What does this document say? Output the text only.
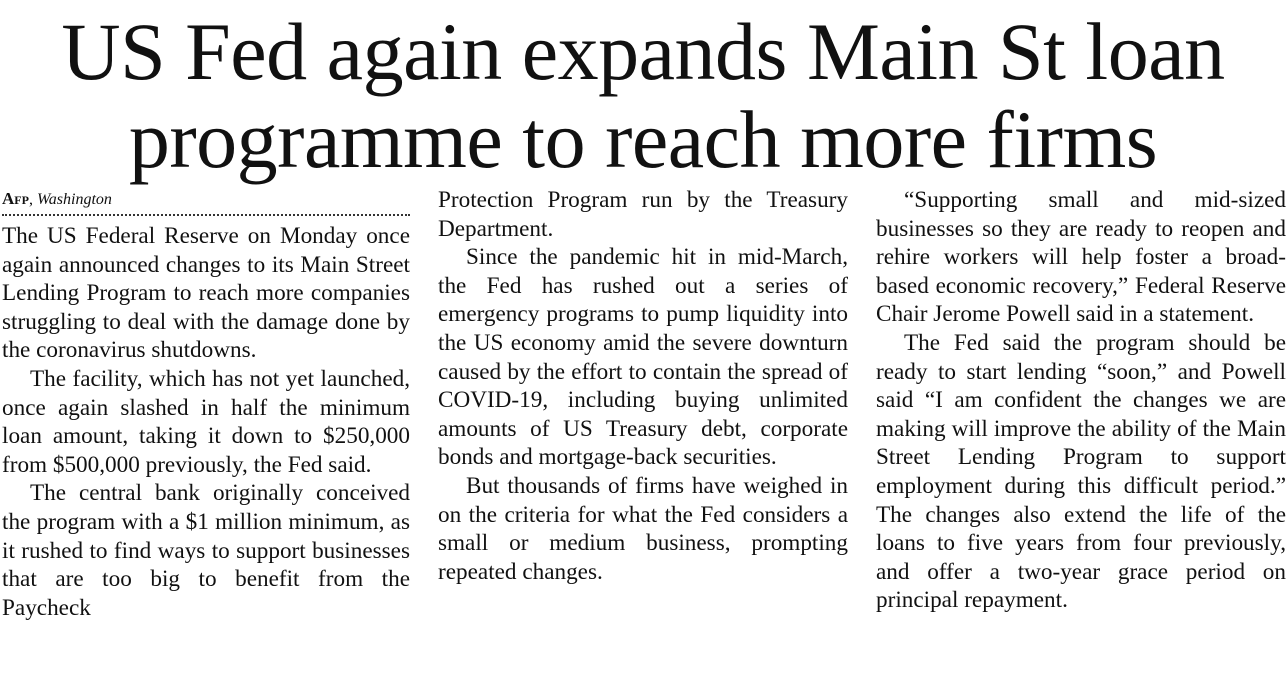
US Fed again expands Main St loan
programme to reach more firms
Afp, Washington

The US Federal Reserve on Monday once again announced changes to its Main Street Lending Program to reach more companies struggling to deal with the damage done by the coronavirus shutdowns.

The facility, which has not yet launched, once again slashed in half the minimum loan amount, taking it down to $250,000 from $500,000 previously, the Fed said.

The central bank originally conceived the program with a $1 million minimum, as it rushed to find ways to support businesses that are too big to benefit from the Paycheck

Protection Program run by the Treasury Department.

Since the pandemic hit in mid-March, the Fed has rushed out a series of emergency programs to pump liquidity into the US economy amid the severe downturn caused by the effort to contain the spread of COVID-19, including buying unlimited amounts of US Treasury debt, corporate bonds and mortgage-back securities.

But thousands of firms have weighed in on the criteria for what the Fed considers a small or medium business, prompting repeated changes.

“Supporting small and mid-sized businesses so they are ready to reopen and rehire workers will help foster a broad-based economic recovery,” Federal Reserve Chair Jerome Powell said in a statement.

The Fed said the program should be ready to start lending “soon,” and Powell said “I am confident the changes we are making will improve the ability of the Main Street Lending Program to support employment during this difficult period.” The changes also extend the life of the loans to five years from four previously, and offer a two-year grace period on principal repayment.
